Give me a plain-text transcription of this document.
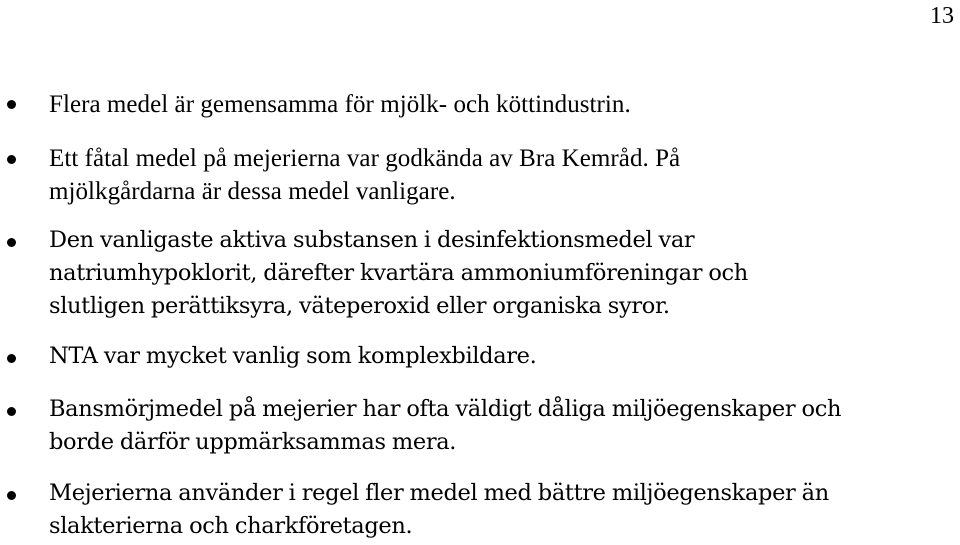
13

Flera medel är gemensamma för mjölk- och köttindustrin.

Ett fåtal medel på mejerierna var godkända av Bra Kemråd. På
mjölkgårdarna är dessa medel vanligare.

Den vanligaste aktiva substansen i desinfektionsmedel var
natriumhypoklorit, därefter kvartära ammoniumföreningar och
slutligen perättiksyra, väteperoxid eller organiska syror.

NTA var mycket vanlig som komplexbildare.

Bansmörjmedel på mejerier har ofta väldigt dåliga miljöegenskaper och
borde därför uppmärksammas mera.

Mejerierna använder i regel fler medel med bättre miljöegenskaper än
slakterierna och charkföretagen.
